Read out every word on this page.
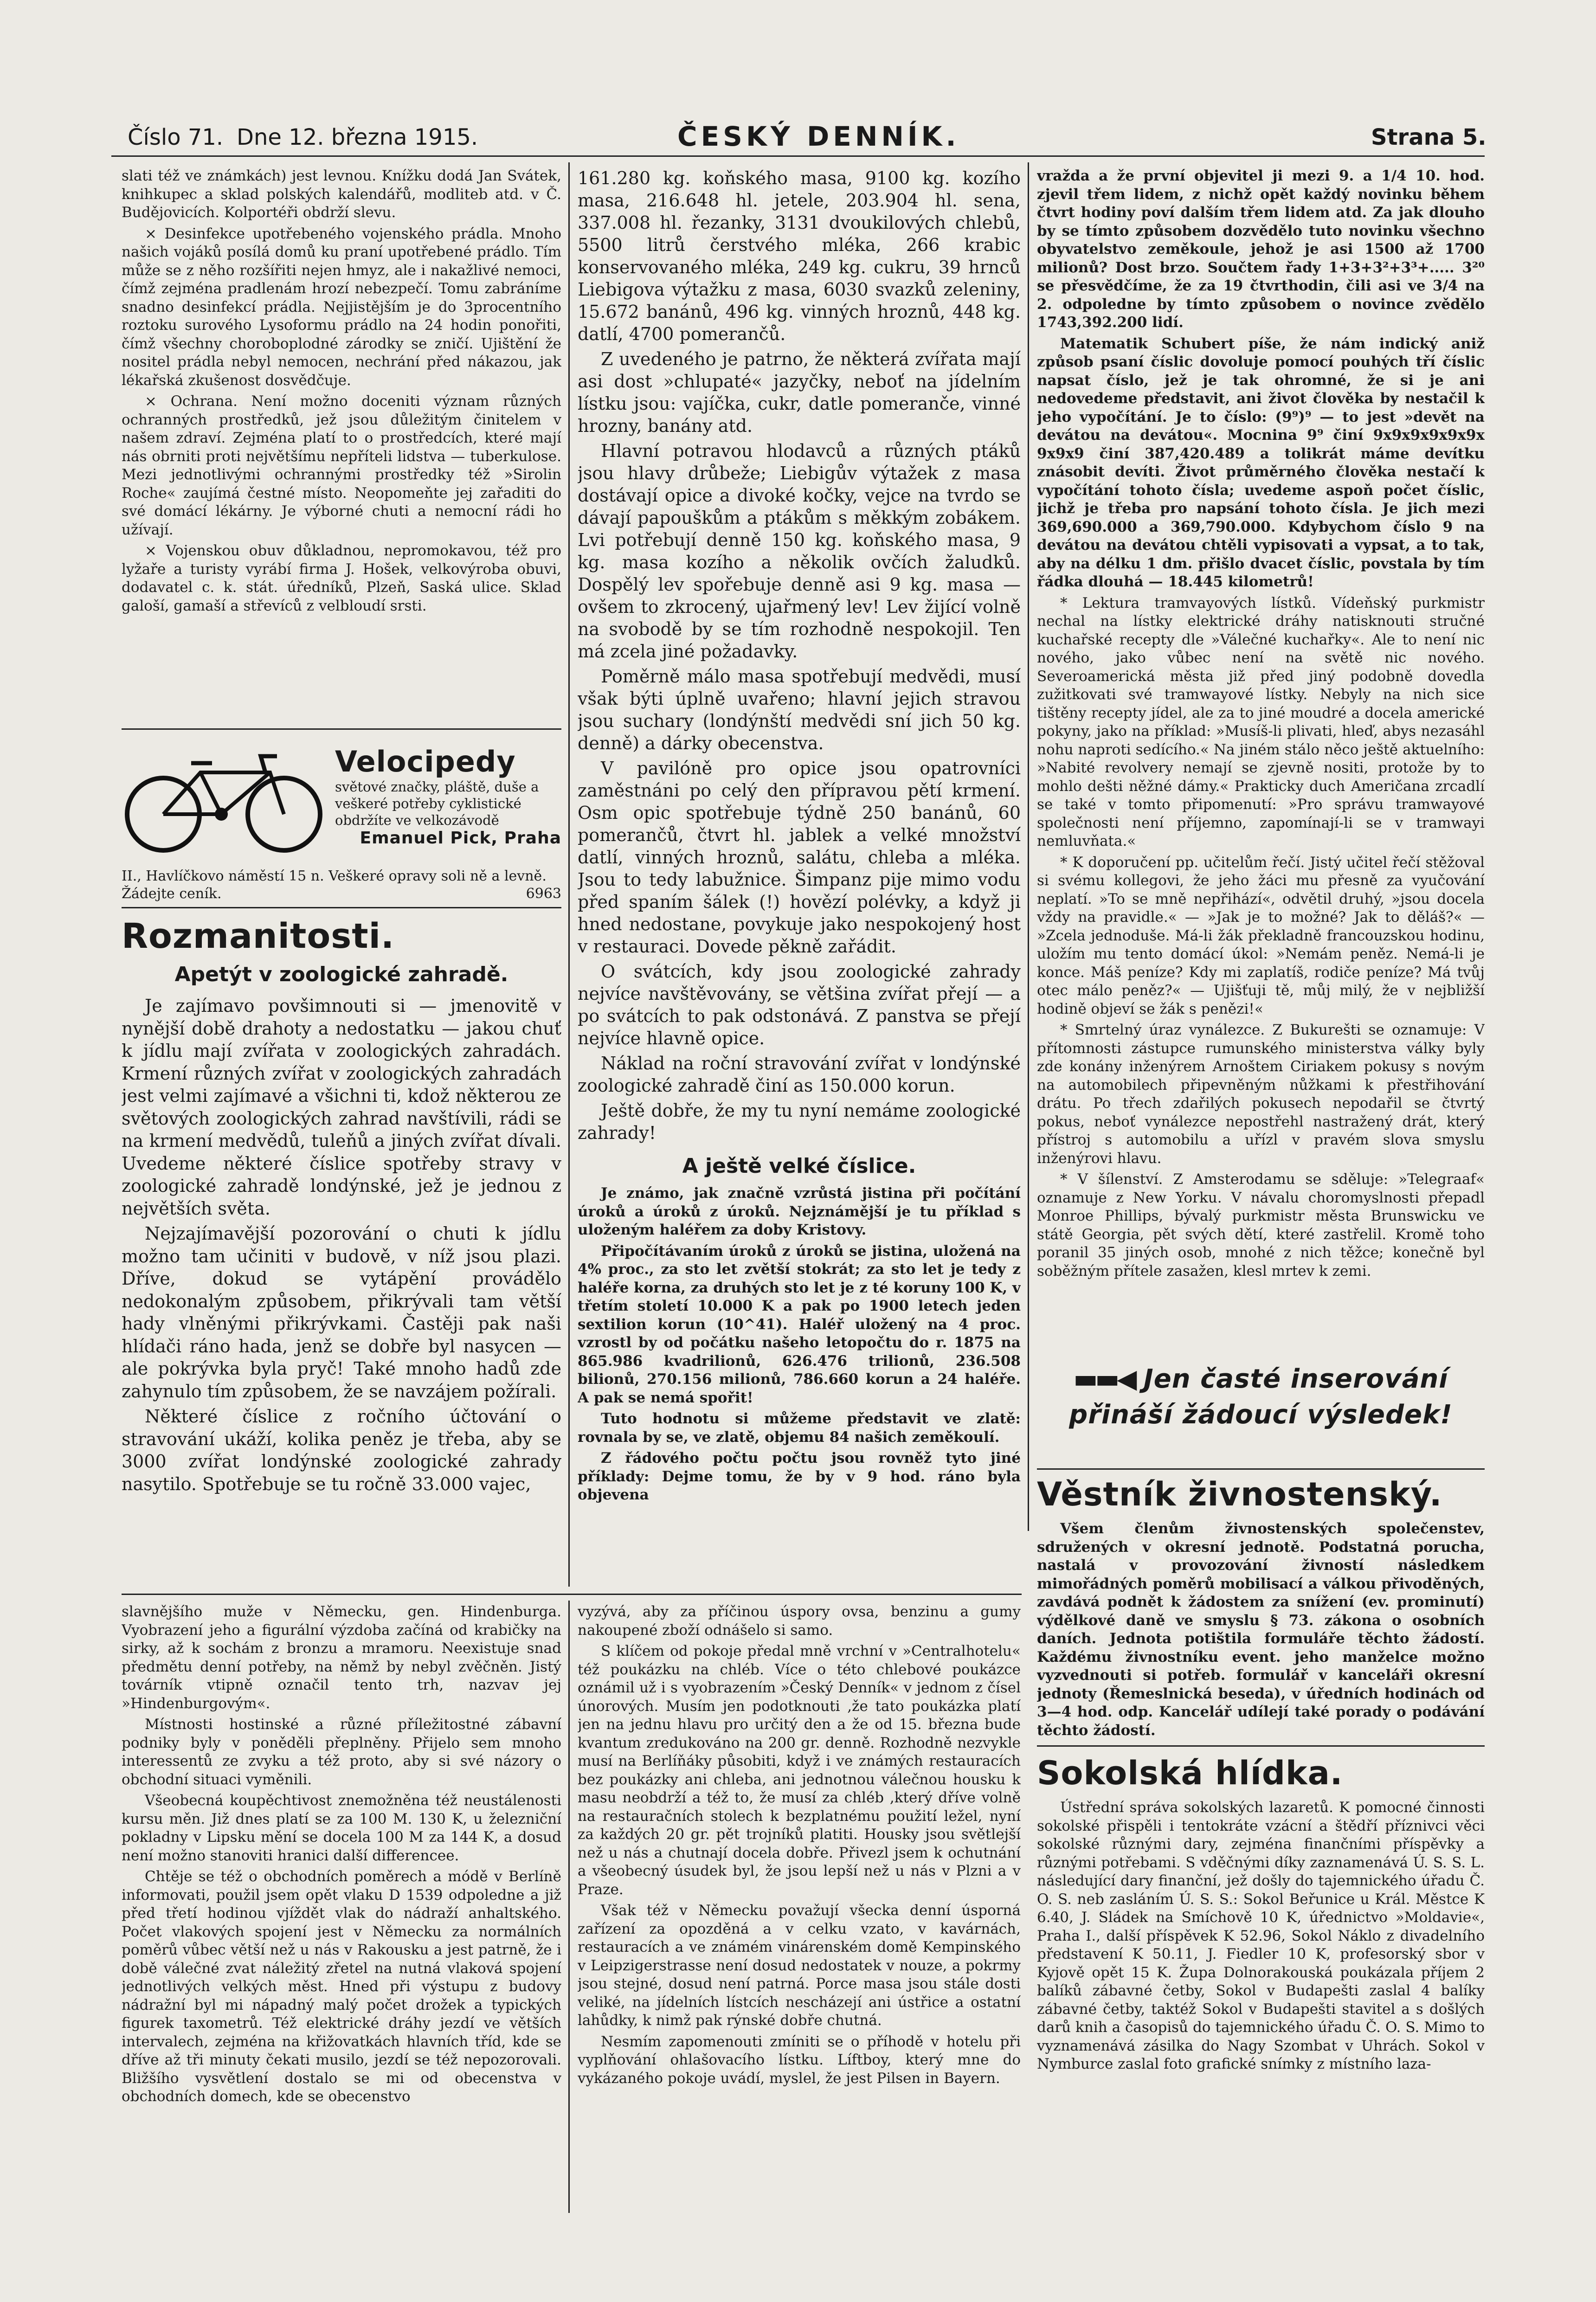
Číslo 71. Dne 12. března 1915.	ČESKÝ DENNÍK.	Strana 5.

slati též ve známkách) jest levnou. Knížku dodá Jan Svátek, knihkupec a sklad polských kalendářů, modliteb atd. v Č. Budějovicích. Kolportéři obdrží slevu.

× Desinfekce upotřebeného vojenského prádla. Mnoho našich vojáků posílá domů ku praní upotřebené prádlo. Tím může se z něho rozšířiti nejen hmyz, ale i nakažlivé nemoci, čímž zejména pradlenám hrozí nebezpečí. Tomu zabráníme snadno desinfekcí prádla. Nejjistějším je do 3procentního roztoku surového Lysoformu prádlo na 24 hodin ponořiti, čímž všechny choroboplodné zárodky se zničí. Ujištění že nositel prádla nebyl nemocen, nechrání před nákazou, jak lékařská zkušenost dosvědčuje.

× Ochrana. Není možno doceniti význam různých ochranných prostředků, jež jsou důležitým činitelem v našem zdraví. Zejména platí to o prostředcích, které mají nás obrniti proti největšímu nepříteli lidstva — tuberkulose. Mezi jednotlivými ochrannými prostředky též »Sirolin Roche« zaujímá čestné místo. Neopomeňte jej zařaditi do své domácí lékárny. Je výborné chuti a nemocní rádi ho užívají.

× Vojenskou obuv důkladnou, nepromokavou, též pro lyžaře a turisty vyrábí firma J. Hošek, velkovýroba obuvi, dodavatel c. k. stát. úředníků, Plzeň, Saská ulice. Sklad galoší, gamaší a střevíců z velbloudí srsti.

Velocipedy
světové značky, pláště, duše a veškeré potřeby cyklistické obdržíte ve velkozávodě
Emanuel Pick, Praha
II., Havlíčkovo náměstí 15 n. Veškeré opravy soli ně a levně. Žádejte ceník.	6963
Rozmanitosti.
Apetýt v zoologické zahradě.

Je zajímavo povšimnouti si — jmenovitě v nynější době drahoty a nedostatku — jakou chuť k jídlu mají zvířata v zoologických zahradách. Krmení různých zvířat v zoologických zahradách jest velmi zajímavé a všichni ti, kdož některou ze světových zoologických zahrad navštívili, rádi se na krmení medvědů, tuleňů a jiných zvířat dívali. Uvedeme některé číslice spotřeby stravy v zoologické zahradě londýnské, jež je jednou z největších světa.

Nejzajímavější pozorování o chuti k jídlu možno tam učiniti v budově, v níž jsou plazi. Dříve, dokud se vytápění provádělo nedokonalým způsobem, přikrývali tam větší hady vlněnými přikrývkami. Častěji pak naši hlídači ráno hada, jenž se dobře byl nasycen — ale pokrývka byla pryč! Také mnoho hadů zde zahynulo tím způsobem, že se navzájem požírali.

Některé číslice z ročního účtování o stravování ukáží, kolika peněz je třeba, aby se 3000 zvířat londýnské zoologické zahrady nasytilo. Spotřebuje se tu ročně 33.000 vajec,

161.280 kg. koňského masa, 9100 kg. kozího masa, 216.648 hl. jetele, 203.904 hl. sena, 337.008 hl. řezanky, 3131 dvoukilových chlebů, 5500 litrů čerstvého mléka, 266 krabic konservovaného mléka, 249 kg. cukru, 39 hrnců Liebigova výtažku z masa, 6030 svazků zeleniny, 15.672 banánů, 496 kg. vinných hroznů, 448 kg. datlí, 4700 pomerančů.

Z uvedeného je patrno, že některá zvířata mají asi dost »chlupaté« jazyčky, neboť na jídelním lístku jsou: vajíčka, cukr, datle pomeranče, vinné hrozny, banány atd.

Hlavní potravou hlodavců a různých ptáků jsou hlavy drůbeže; Liebigův výtažek z masa dostávají opice a divoké kočky, vejce na tvrdo se dávají papouškům a ptákům s měkkým zobákem. Lvi potřebují denně 150 kg. koňského masa, 9 kg. masa kozího a několik ovčích žaludků. Dospělý lev spořebuje denně asi 9 kg. masa — ovšem to zkrocený, ujařmený lev! Lev žijící volně na svobodě by se tím rozhodně nespokojil. Ten má zcela jiné požadavky.

Poměrně málo masa spotřebují medvědi, musí však býti úplně uvařeno; hlavní jejich stravou jsou suchary (londýnští medvědi sní jich 50 kg. denně) a dárky obecenstva.

V pavilóně pro opice jsou opatrovníci zaměstnáni po celý den přípravou pětí krmení. Osm opic spotřebuje týdně 250 banánů, 60 pomerančů, čtvrt hl. jablek a velké množství datlí, vinných hroznů, salátu, chleba a mléka. Jsou to tedy labužnice. Šimpanz pije mimo vodu před spaním šálek (!) hovězí polévky, a když ji hned nedostane, povykuje jako nespokojený host v restauraci. Dovede pěkně zařádit.

O svátcích, kdy jsou zoologické zahrady nejvíce navštěvovány, se většina zvířat přejí — a po svátcích to pak odstonává. Z panstva se přejí nejvíce hlavně opice.

Náklad na roční stravování zvířat v londýnské zoologické zahradě činí as 150.000 korun.

Ještě dobře, že my tu nyní nemáme zoologické zahrady!

A ještě velké číslice.

Je známo, jak značně vzrůstá jistina při počítání úroků a úroků z úroků. Nejznámější je tu příklad s uloženým haléřem za doby Kristovy.

Připočítávaním úroků z úroků se jistina, uložená na 4% proc., za sto let zvětší stokrát; za sto let je tedy z haléře korna, za druhých sto let je z té koruny 100 K, v třetím století 10.000 K a pak po 1900 letech jeden sextilion korun (10^41). Haléř uložený na 4 proc. vzrostl by od počátku našeho letopočtu do r. 1875 na 865.986 kvadrilionů, 626.476 trilionů, 236.508 bilionů, 270.156 milionů, 786.660 korun a 24 haléře. A pak se nemá spořit!

Tuto hodnotu si můžeme představit ve zlatě: rovnala by se, ve zlatě, objemu 84 našich zeměkoulí.

Z řádového počtu počtu jsou rovněž tyto jiné příklady: Dejme tomu, že by v 9 hod. ráno byla objevena

vražda a že první objevitel ji mezi 9. a 1/4 10. hod. zjevil třem lidem, z nichž opět každý novinku během čtvrt hodiny poví dalším třem lidem atd. Za jak dlouho by se tímto způsobem dozvědělo tuto novinku všechno obyvatelstvo zeměkoule, jehož je asi 1500 až 1700 milionů? Dost brzo. Součtem řady 1+3+3²+3³+..... 3²⁰ se přesvědčíme, že za 19 čtvrthodin, čili asi ve 3/4 na 2. odpoledne by tímto způsobem o novince zvědělo 1743,392.200 lidí.

Matematik Schubert píše, že nám indický aniž způsob psaní číslic dovoluje pomocí pouhých tří číslic napsat číslo, jež je tak ohromné, že si je ani nedovedeme představit, ani život člověka by nestačil k jeho vypočítání. Je to číslo: (9⁹)⁹ — to jest »devět na devátou na devátou«. Mocnina 9⁹ činí 9x9x9x9x9x9x 9x9x9 činí 387,420.489 a tolikrát máme devítku znásobit devíti. Život průměrného člověka nestačí k vypočítání tohoto čísla; uvedeme aspoň počet číslic, jichž je třeba pro napsání tohoto čísla. Je jich mezi 369,690.000 a 369,790.000. Kdybychom číslo 9 na devátou na devátou chtěli vypisovati a vypsat, a to tak, aby na délku 1 dm. přišlo dvacet číslic, povstala by tím řádka dlouhá — 18.445 kilometrů!

* Lektura tramvayových lístků. Vídeňský purkmistr nechal na lístky elektrické dráhy natisknouti stručné kuchařské recepty dle »Válečné kuchařky«. Ale to není nic nového, jako vůbec není na světě nic nového. Severoamerická města již před jiný podobně dovedla zužitkovati své tramwayové lístky. Nebyly na nich sice tištěny recepty jídel, ale za to jiné moudré a docela americké pokyny, jako na příklad: »Musíš-li plivati, hleď, abys nezasáhl nohu naproti sedícího.« Na jiném stálo něco ještě aktuelního: »Nabité revolvery nemají se zjevně nositi, protože by to mohlo dešti něžné dámy.« Prakticky duch Američana zrcadlí se také v tomto připomenutí: »Pro správu tramwayové společnosti není příjemno, zapomínají-li se v tramwayi nemluvňata.«

* K doporučení pp. učitelům řečí. Jistý učitel řečí stěžoval si svému kollegovi, že jeho žáci mu přesně za vyučování neplatí. »To se mně nepřihází«, odvětil druhý, »jsou docela vždy na pravidle.« — »Jak je to možné? Jak to děláš?« — »Zcela jednoduše. Má-li žák překladně francouzskou hodinu, uložím mu tento domácí úkol: »Nemám peněz. Nemá-li je konce. Máš peníze? Kdy mi zaplatíš, rodiče peníze? Má tvůj otec málo peněz?« — Ujišťuji tě, můj milý, že v nejbližší hodině objeví se žák s penězi!«

* Smrtelný úraz vynálezce. Z Bukurešti se oznamuje: V přítomnosti zástupce rumunského ministerstva války byly zde konány inženýrem Arnoštem Ciriakem pokusy s novým na automobilech připevněným nůžkami k přestřihování drátu. Po třech zdařilých pokusech nepodařil se čtvrtý pokus, neboť vynálezce nepostřehl nastražený drát, který přístroj s automobilu a uřízl v pravém slova smyslu inženýrovi hlavu.

* V šílenství. Z Amsterodamu se sděluje: »Telegraaf« oznamuje z New Yorku. V návalu choromyslnosti přepadl Monroe Phillips, bývalý purkmistr města Brunswicku ve státě Georgia, pět svých dětí, které zastřelil. Kromě toho poranil 35 jiných osob, mnohé z nich těžce; konečně byl soběžným přítele zasažen, klesl mrtev k zemi.

▬▬◀ Jen časté inserování
přináší žádoucí výsledek!

slavnějšího muže v Německu, gen. Hindenburga. Vyobrazení jeho a figurální výzdoba začíná od krabičky na sirky, až k sochám z bronzu a mramoru. Neexistuje snad předmětu denní potřeby, na němž by nebyl zvěčněn. Jistý továrník vtipně označil tento trh, nazvav jej »Hindenburgovým«.

Místnosti hostinské a různé příležitostné zábavní podniky byly v poněděli přeplněny. Přijelo sem mnoho interessentů ze zvyku a též proto, aby si své názory o obchodní situaci vyměnili.

Všeobecná koupěchtivost znemožněna též neustálenosti kursu měn. Již dnes platí se za 100 M. 130 K, u železniční pokladny v Lipsku mění se docela 100 M za 144 K, a dosud není možno stanoviti hranici další differencee.

Chtěje se též o obchodních poměrech a módě v Berlíně informovati, použil jsem opět vlaku D 1539 odpoledne a již před třetí hodinou vjíždět vlak do nádraží anhaltského. Počet vlakových spojení jest v Německu za normálních poměrů vůbec větší než u nás v Rakousku a jest patrně, že i době válečné zvat náležitý zřetel na nutná vlaková spojení jednotlivých velkých měst. Hned při výstupu z budovy nádražní byl mi nápadný malý počet drožek a typických figurek taxometrů. Též elektrické dráhy jezdí ve větších intervalech, zejména na křižovatkách hlavních tříd, kde se dříve až tři minuty čekati musilo, jezdí se též nepozorovali. Bližšího vysvětlení dostalo se mi od obecenstva v obchodních domech, kde se obecenstvo

vyzývá, aby za příčinou úspory ovsa, benzinu a gumy nakoupené zboží odnášelo si samo.

S klíčem od pokoje předal mně vrchní v »Centralhotelu« též poukázku na chléb. Více o této chlebové poukázce oznámil už i s vyobrazením »Český Denník« v jednom z čísel únorových. Musím jen podotknouti ,že tato poukázka platí jen na jednu hlavu pro určitý den a že od 15. března bude kvantum zredukováno na 200 gr. denně. Rozhodně nezvykle musí na Berlíňáky působiti, když i ve známých restauracích bez poukázky ani chleba, ani jednotnou válečnou housku k masu neobdrží a též to, že musí za chléb ,který dříve volně na restauračních stolech k bezplatnému použití ležel, nyní za každých 20 gr. pět trojníků platiti. Housky jsou světlejší než u nás a chutnají docela dobře. Přivezl jsem k ochutnání a všeobecný úsudek byl, že jsou lepší než u nás v Plzni a v Praze.

Však též v Německu považují všecka denní úsporná zařízení za opozděná a v celku vzato, v kavárnách, restauracích a ve známém vinárenském domě Kempinského v Leipzigerstrasse není dosud nedostatek v nouze, a pokrmy jsou stejné, dosud není patrná. Porce masa jsou stále dosti veliké, na jídelních lístcích nescházejí ani ústřice a ostatní lahůdky, k nimž pak rýnské dobře chutná.

Nesmím zapomenouti zmíniti se o příhodě v hotelu při vyplňování ohlašovacího lístku. Líftboy, který mne do vykázaného pokoje uvádí, myslel, že jest Pilsen in Bayern.

Věstník živnostenský.

Všem členům živnostenských společenstev, sdružených v okresní jednotě. Podstatná porucha, nastalá v provozování živností následkem mimořádných poměrů mobilisací a válkou přivoděných, zavdává podnět k žádostem za snížení (ev. prominutí) výdělkové daně ve smyslu § 73. zákona o osobních daních. Jednota potištila formuláře těchto žádostí. Každému živnostníku event. jeho manželce možno vyzvednouti si potřeb. formulář v kanceláři okresní jednoty (Řemeslnická beseda), v úředních hodinách od 3—4 hod. odp. Kancelář udílejí také porady o podávání těchto žádostí.

Sokolská hlídka.

Ústřední správa sokolských lazaretů. K pomocné činnosti sokolské přispěli i tentokráte vzácní a štědří příznivci věci sokolské různými dary, zejména finančními příspěvky a různými potřebami. S vděčnými díky zaznamenává Ú. S. S. L. následující dary finanční, jež došly do tajemnického úřadu Č. O. S. neb zasláním Ú. S. S.: Sokol Beřunice u Král. Městce K 6.40, J. Sládek na Smíchově 10 K, úřednictvo »Moldavie«, Praha I., další příspěvek K 52.96, Sokol Náklo z divadelního představení K 50.11, J. Fiedler 10 K, profesorský sbor v Kyjově opět 15 K. Župa Dolnorakouská poukázala příjem 2 balíků zábavné četby, Sokol v Budapešti zaslal 4 balíky zábavné četby, taktéž Sokol v Budapešti stavitel a s došlých darů knih a časopisů do tajemnického úřadu Č. O. S. Mimo to vyznamenává zásilka do Nagy Szombat v Uhrách. Sokol v Nymburce zaslal foto grafické snímky z místního laza-
